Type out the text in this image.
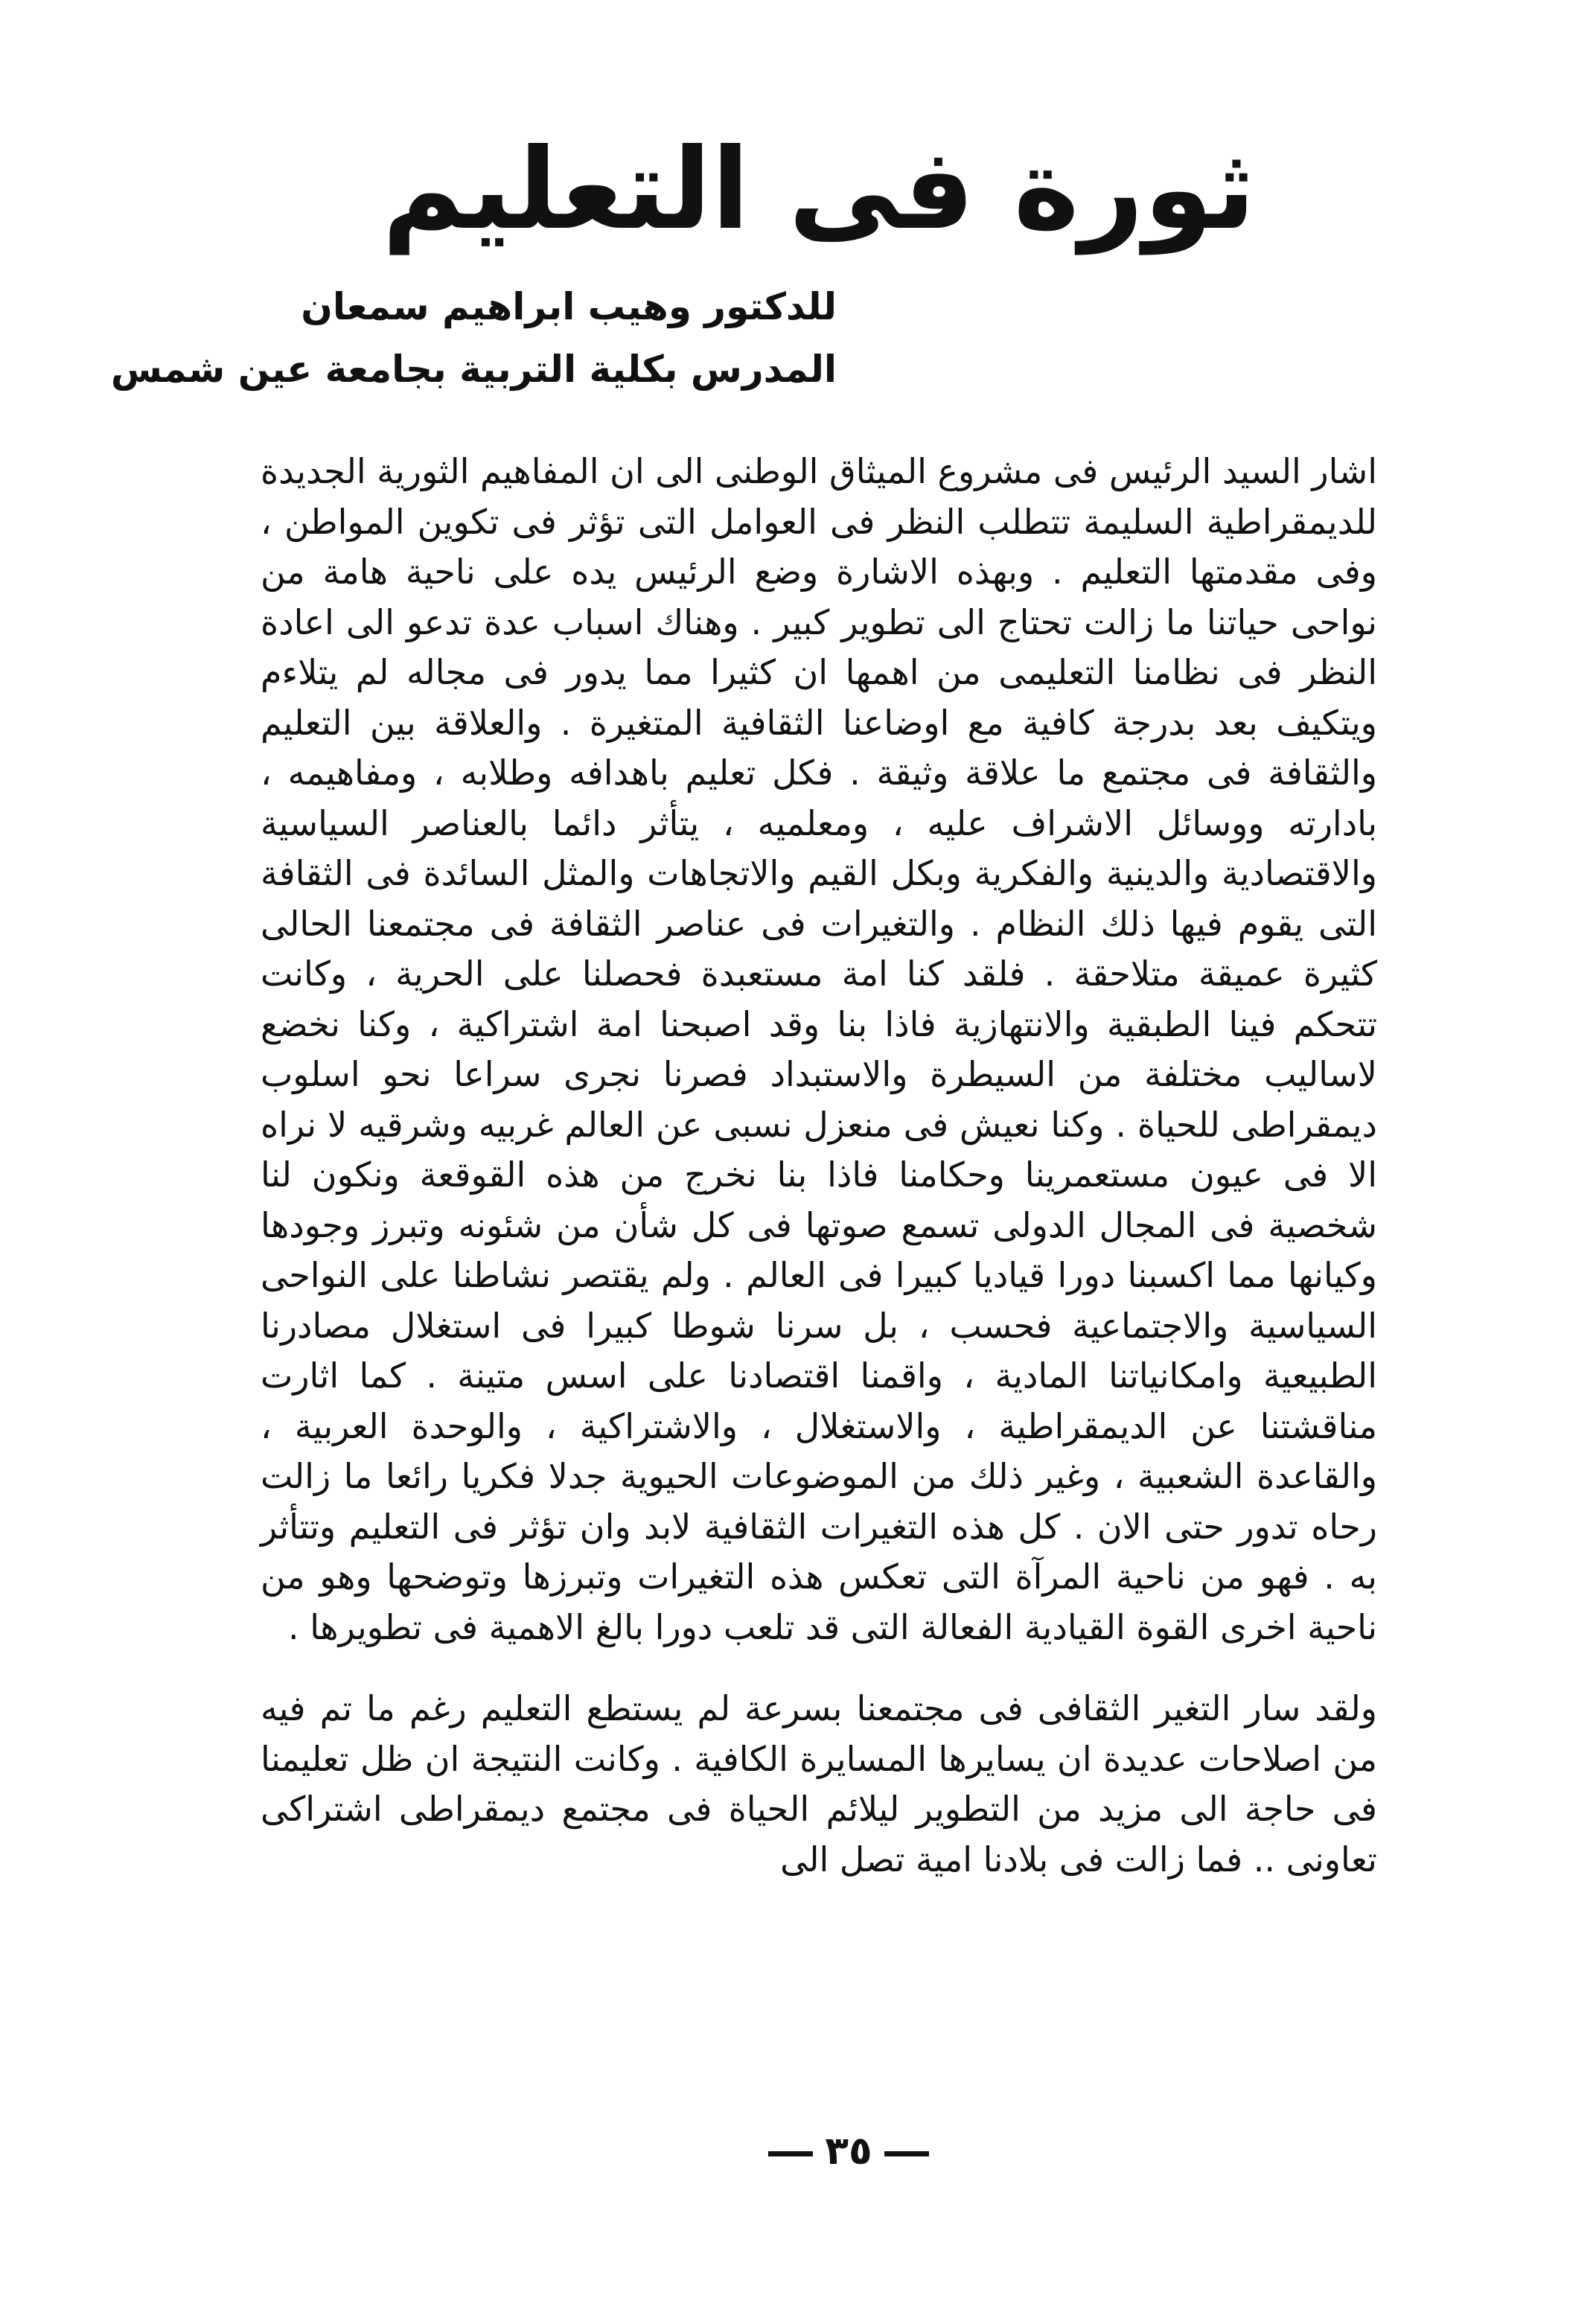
ثورة فى التعليم
للدكتور وهيب ابراهيم سمعان
المدرس بكلية التربية بجامعة عين شمس

اشار السيد الرئيس فى مشروع الميثاق الوطنى الى ان المفاهيم الثورية الجديدة للديمقراطية السليمة تتطلب النظر فى العوامل التى تؤثر فى تكوين المواطن ، وفى مقدمتها التعليم . وبهذه الاشارة وضع الرئيس يده على ناحية هامة من نواحى حياتنا ما زالت تحتاج الى تطوير كبير . وهناك اسباب عدة تدعو الى اعادة النظر فى نظامنا التعليمى من اهمها ان كثيرا مما يدور فى مجاله لم يتلاءم ويتكيف بعد بدرجة كافية مع اوضاعنا الثقافية المتغيرة . والعلاقة بين التعليم والثقافة فى مجتمع ما علاقة وثيقة . فكل تعليم باهدافه وطلابه ، ومفاهيمه ، بادارته ووسائل الاشراف عليه ، ومعلميه ، يتأثر دائما بالعناصر السياسية والاقتصادية والدينية والفكرية وبكل القيم والاتجاهات والمثل السائدة فى الثقافة التى يقوم فيها ذلك النظام . والتغيرات فى عناصر الثقافة فى مجتمعنا الحالى كثيرة عميقة متلاحقة . فلقد كنا امة مستعبدة فحصلنا على الحرية ، وكانت تتحكم فينا الطبقية والانتهازية فاذا بنا وقد اصبحنا امة اشتراكية ، وكنا نخضع لاساليب مختلفة من السيطرة والاستبداد فصرنا نجرى سراعا نحو اسلوب ديمقراطى للحياة . وكنا نعيش فى منعزل نسبى عن العالم غربيه وشرقيه لا نراه الا فى عيون مستعمرينا وحكامنا فاذا بنا نخرج من هذه القوقعة ونكون لنا شخصية فى المجال الدولى تسمع صوتها فى كل شأن من شئونه وتبرز وجودها وكيانها مما اكسبنا دورا قياديا كبيرا فى العالم . ولم يقتصر نشاطنا على النواحى السياسية والاجتماعية فحسب ، بل سرنا شوطا كبيرا فى استغلال مصادرنا الطبيعية وامكانياتنا المادية ، واقمنا اقتصادنا على اسس متينة . كما اثارت مناقشتنا عن الديمقراطية ، والاستغلال ، والاشتراكية ، والوحدة العربية ، والقاعدة الشعبية ، وغير ذلك من الموضوعات الحيوية جدلا فكريا رائعا ما زالت رحاه تدور حتى الان . كل هذه التغيرات الثقافية لابد وان تؤثر فى التعليم وتتأثر به . فهو من ناحية المرآة التى تعكس هذه التغيرات وتبرزها وتوضحها وهو من ناحية اخرى القوة القيادية الفعالة التى قد تلعب دورا بالغ الاهمية فى تطويرها .

ولقد سار التغير الثقافى فى مجتمعنا بسرعة لم يستطع التعليم رغم ما تم فيه من اصلاحات عديدة ان يسايرها المسايرة الكافية . وكانت النتيجة ان ظل تعليمنا فى حاجة الى مزيد من التطوير ليلائم الحياة فى مجتمع ديمقراطى اشتراكى تعاونى .. فما زالت فى بلادنا امية تصل الى

٣٥
